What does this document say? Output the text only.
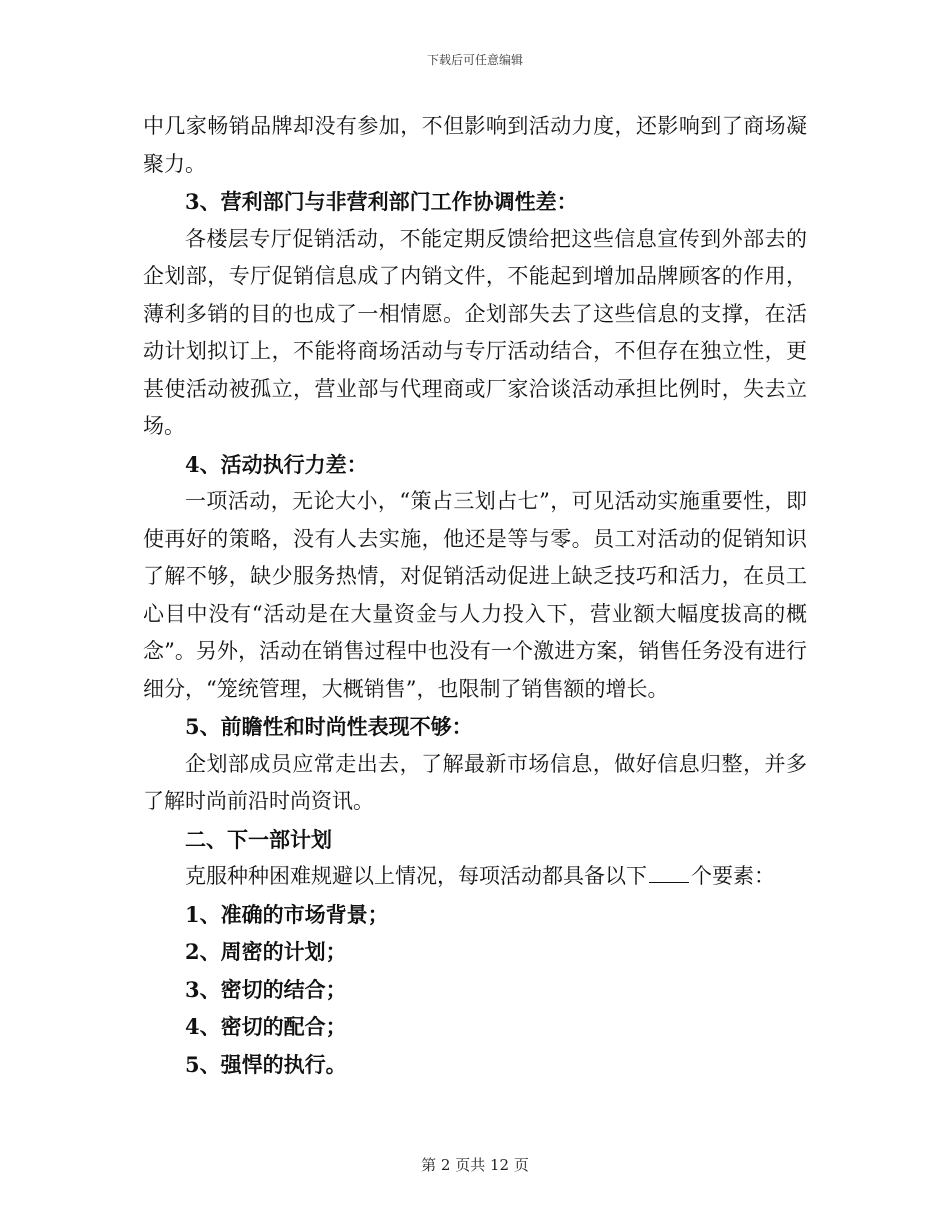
下载后可任意编辑

中几家畅销品牌却没有参加，不但影响到活动力度，还影响到了商场凝聚力。

3、营利部门与非营利部门工作协调性差：

各楼层专厅促销活动，不能定期反馈给把这些信息宣传到外部去的企划部，专厅促销信息成了内销文件，不能起到增加品牌顾客的作用，薄利多销的目的也成了一相情愿。企划部失去了这些信息的支撑，在活动计划拟订上，不能将商场活动与专厅活动结合，不但存在独立性，更甚使活动被孤立，营业部与代理商或厂家洽谈活动承担比例时，失去立场。

4、活动执行力差：

一项活动，无论大小，“策占三划占七”，可见活动实施重要性，即使再好的策略，没有人去实施，他还是等与零。员工对活动的促销知识了解不够，缺少服务热情，对促销活动促进上缺乏技巧和活力，在员工心目中没有“活动是在大量资金与人力投入下，营业额大幅度拔高的概念”。另外，活动在销售过程中也没有一个激进方案，销售任务没有进行细分，“笼统管理，大概销售”，也限制了销售额的增长。

5、前瞻性和时尚性表现不够：

企划部成员应常走出去，了解最新市场信息，做好信息归整，并多了解时尚前沿时尚资讯。

二、下一部计划

克服种种困难规避以上情况，每项活动都具备以下 个要素：

1、准确的市场背景；

2、周密的计划；

3、密切的结合；

4、密切的配合；

5、强悍的执行。

第 2 页共 12 页
